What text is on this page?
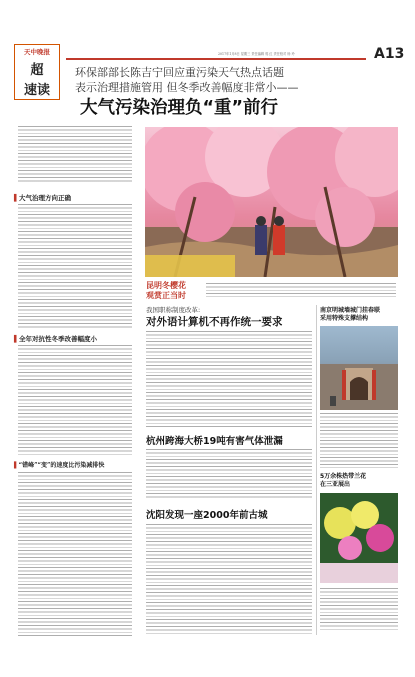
天中晚报
超
速读
2017年1月8日 星期三 责任编辑 郭 红 责任校对 杨 玲	A13
环保部部长陈吉宁回应重污染天气热点话题
表示治理措施管用 但冬季改善幅度非常小——
大气污染治理负“重”前行
▌大气治理方向正确
▌全年对抗性冬季改善幅度小
▌“错峰”“变”的速度比污染减排快
昆明冬樱花
观赏正当时
我国职称制度改革:
对外语计算机不再作统一要求
杭州跨海大桥19吨有害气体泄漏
沈阳发现一座2000年前古城
南京明城墙城门挂春联
采用特殊支撑结构
5万余株热带兰花
在三亚展出
